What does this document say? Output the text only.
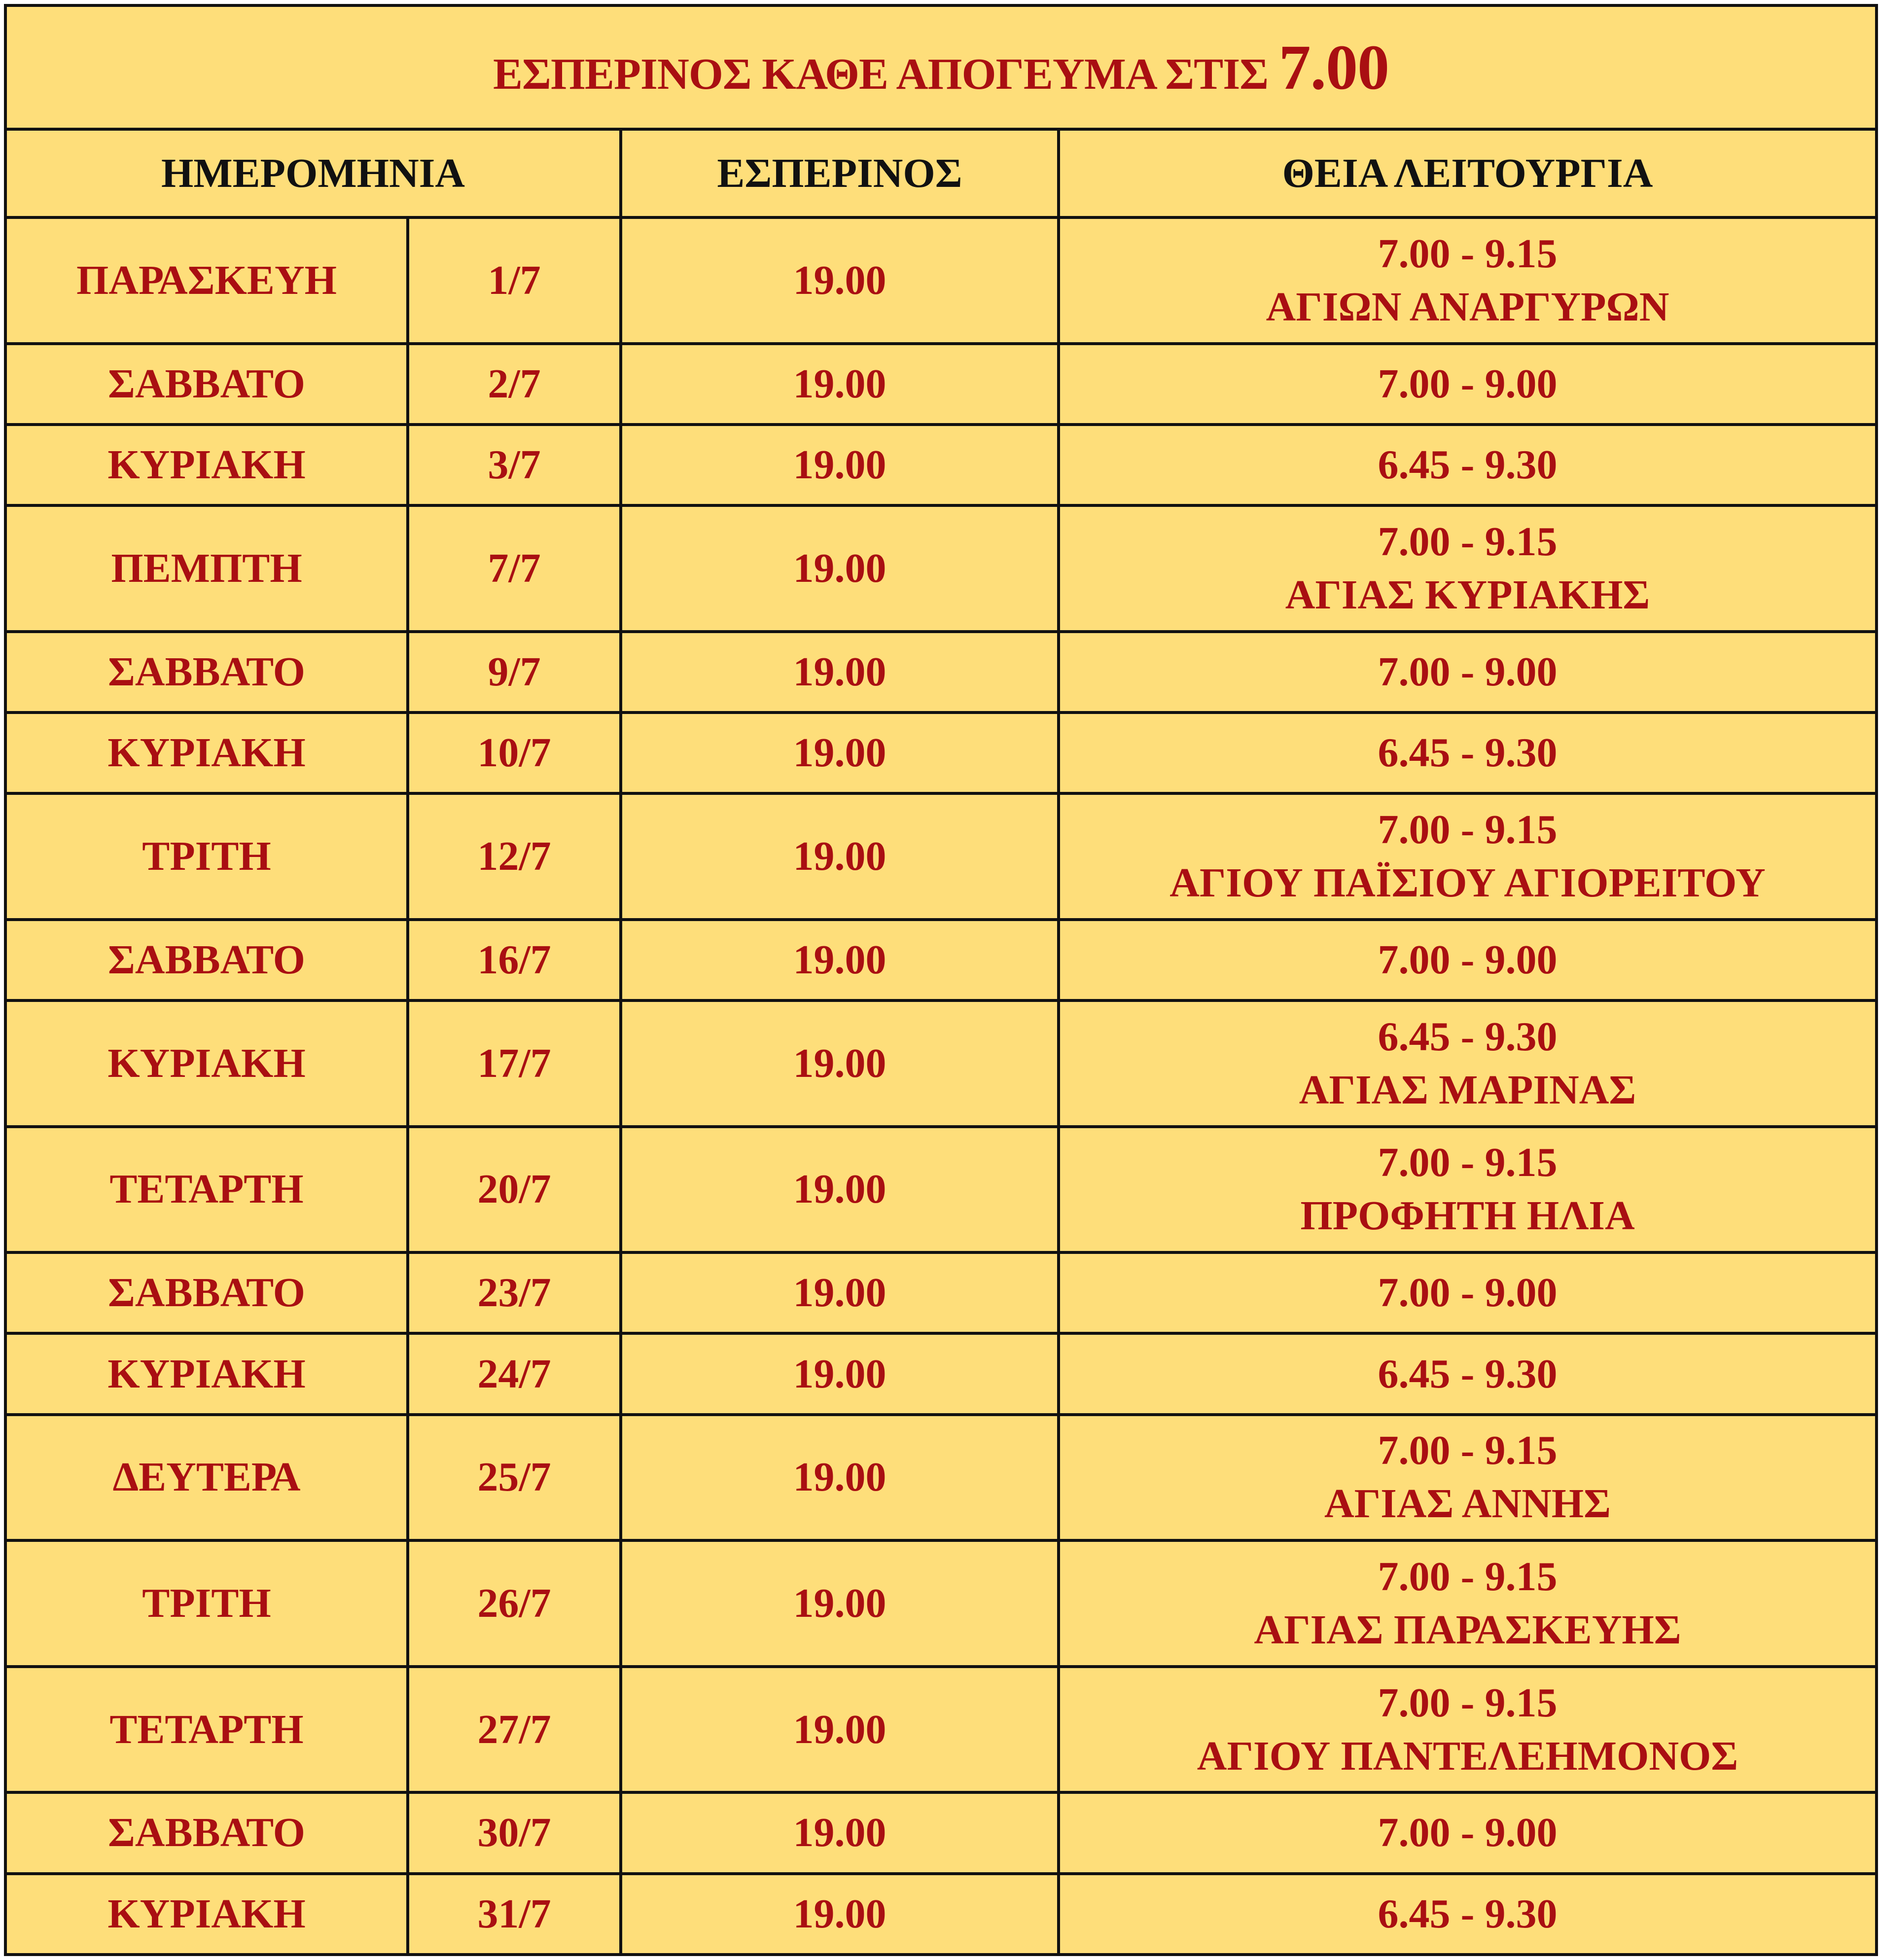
ΕΣΠΕΡΙΝΟΣ ΚΑΘΕ ΑΠΟΓΕΥΜΑ ΣΤΙΣ 7.00			
ΗΜΕΡΟΜΗΝΙΑ		ΕΣΠΕΡΙΝΟΣ	ΘΕΙΑ ΛΕΙΤΟΥΡΓΙΑ
ΠΑΡΑΣΚΕΥΗ	1/7	19.00	7.00 - 9.15
ΑΓΙΩΝ ΑΝΑΡΓΥΡΩΝ

ΣΑΒΒΑΤΟ	2/7	19.00	7.00 - 9.00

ΚΥΡΙΑΚΗ	3/7	19.00	6.45 - 9.30

ΠΕΜΠΤΗ	7/7	19.00	7.00 - 9.15
ΑΓΙΑΣ ΚΥΡΙΑΚΗΣ

ΣΑΒΒΑΤΟ	9/7	19.00	7.00 - 9.00

ΚΥΡΙΑΚΗ	10/7	19.00	6.45 - 9.30

ΤΡΙΤΗ	12/7	19.00	7.00 - 9.15
ΑΓΙΟΥ ΠΑΪΣΙΟΥ ΑΓΙΟΡΕΙΤΟΥ

ΣΑΒΒΑΤΟ	16/7	19.00	7.00 - 9.00

ΚΥΡΙΑΚΗ	17/7	19.00	6.45 - 9.30
ΑΓΙΑΣ ΜΑΡΙΝΑΣ

ΤΕΤΑΡΤΗ	20/7	19.00	7.00 - 9.15
ΠΡΟΦΗΤΗ ΗΛΙΑ

ΣΑΒΒΑΤΟ	23/7	19.00	7.00 - 9.00

ΚΥΡΙΑΚΗ	24/7	19.00	6.45 - 9.30

ΔΕΥΤΕΡΑ	25/7	19.00	7.00 - 9.15
ΑΓΙΑΣ ΑΝΝΗΣ

ΤΡΙΤΗ	26/7	19.00	7.00 - 9.15
ΑΓΙΑΣ ΠΑΡΑΣΚΕΥΗΣ

ΤΕΤΑΡΤΗ	27/7	19.00	7.00 - 9.15
ΑΓΙΟΥ ΠΑΝΤΕΛΕΗΜΟΝΟΣ

ΣΑΒΒΑΤΟ	30/7	19.00	7.00 - 9.00

ΚΥΡΙΑΚΗ	31/7	19.00	6.45 - 9.30
